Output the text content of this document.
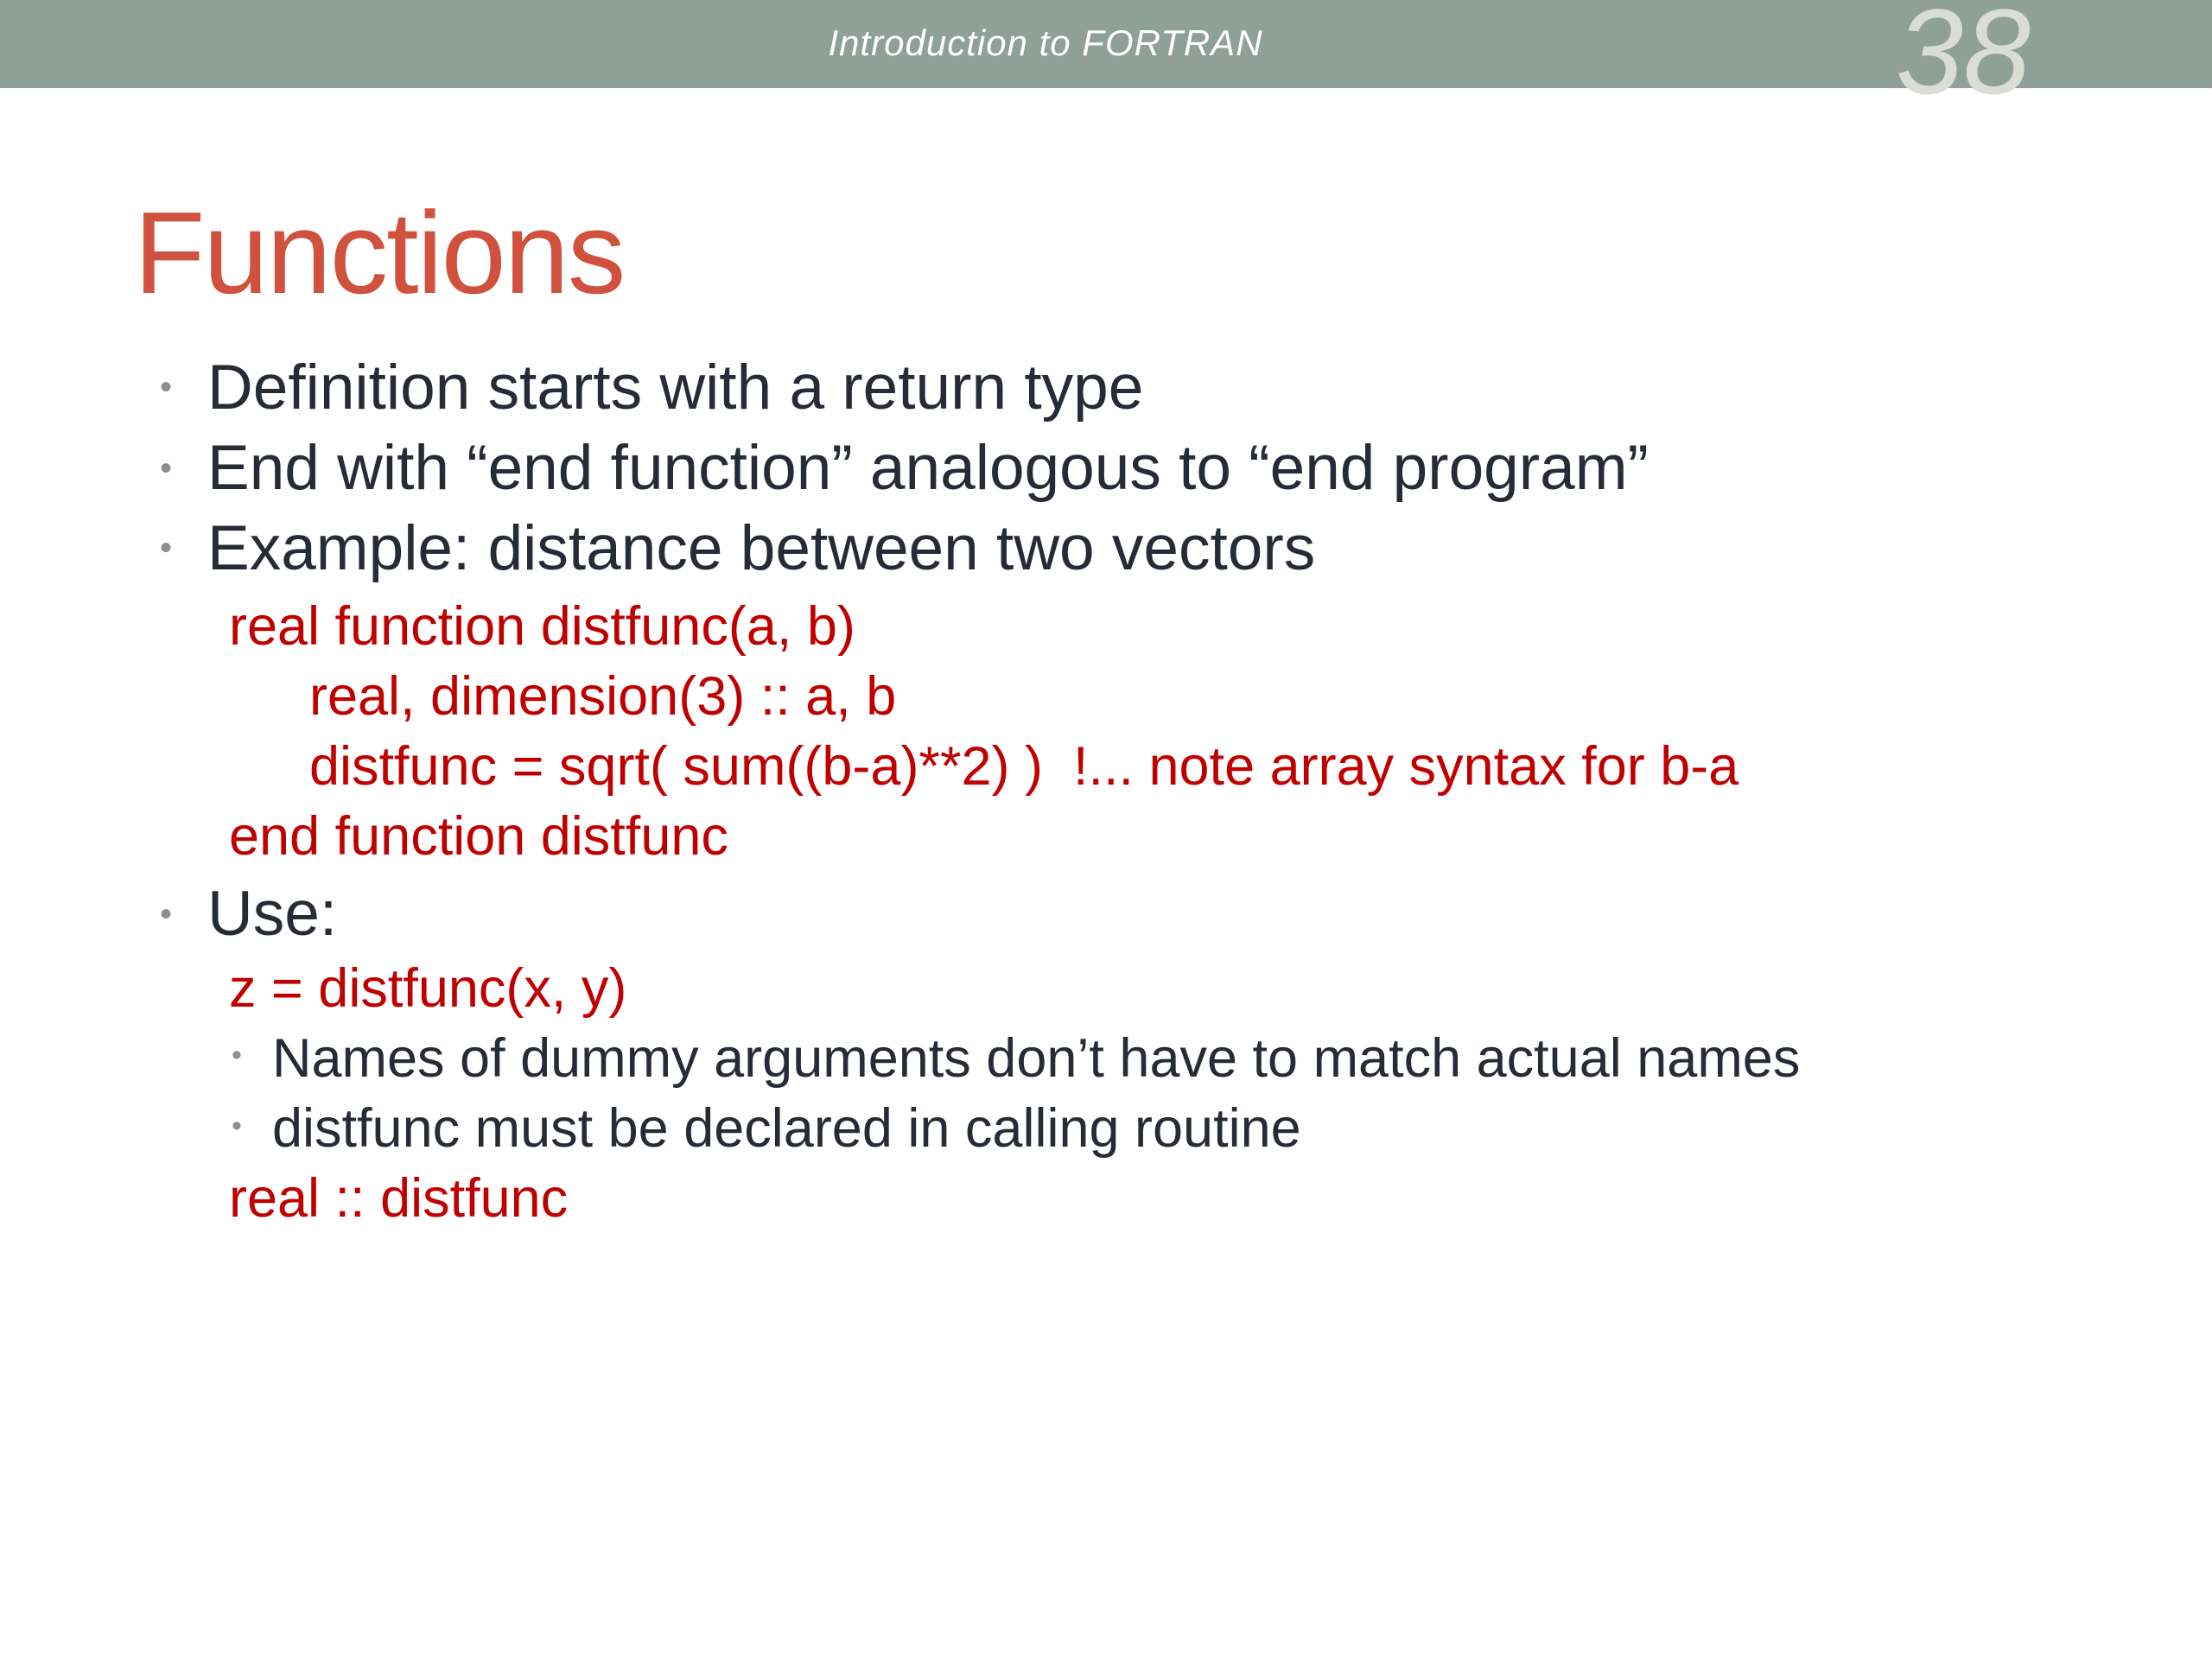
Introduction to FORTRAN	38
Functions
• Definition starts with a return type
• End with “end function” analogous to “end program”
• Example: distance between two vectors
real function distfunc(a, b)
real, dimension(3) :: a, b
distfunc = sqrt( sum((b-a)**2) )  !... note array syntax for b-a
end function distfunc
• Use:
z = distfunc(x, y)
• Names of dummy arguments don’t have to match actual names
• distfunc must be declared in calling routine
real :: distfunc
